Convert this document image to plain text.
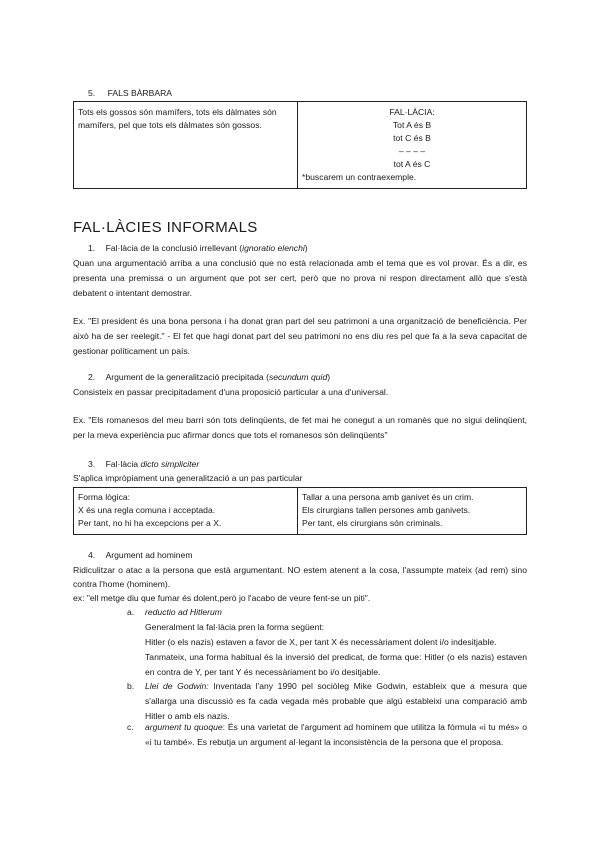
5. FALS BÀRBARA
Tots els gossos són mamífers, tots els dàlmates són mamífers, pel que tots els dàlmates són gossos.	
FAL·LÀCIA:
Tot A és B
tot C és B
– – – –
tot A és C
*buscarem un contraexemple.
FAL·LÀCIES INFORMALS
1. Fal·làcia de la conclusió irrellevant (ignoratio elenchi)
Quan una argumentació arriba a una conclusió que no està relacionada amb el tema que es vol provar. És a dir, es presenta una premissa o un argument que pot ser cert, però que no prova ni respon directament allò que s'està debatent o intentant demostrar.
Ex. "El president és una bona persona i ha donat gran part del seu patrimoni a una organització de beneficiència. Per això ha de ser reelegit." - El fet que hagi donat part del seu patrimoni no ens diu res pel que fa a la seva capacitat de gestionar políticament un país.
2. Argument de la generalització precipitada (secundum quid)
Consisteix en passar precipitadament d'una proposició particular a una d'universal.
Ex. "Els romanesos del meu barri són tots delinqüents, de fet mai he conegut a un romanès que no sigui delinqüent, per la meva experiència puc afirmar doncs que tots el romanesos són delinqüents"
3. Fal·làcia dicto simpliciter
S'aplica impròpiament una generalització a un pas particular
Forma lògica:
X és una regla comuna i acceptada.
Per tant, no hi ha excepcions per a X.

Tallar a una persona amb ganivet és un crim.
Els cirurgians tallen persones amb ganivets.
Per tant, els cirurgians són criminals.
4. Argument ad hominem
Ridiculitzar o atac a la persona que està argumentant. NO estem atenent a la cosa, l'assumpte mateix (ad rem) sino contra l'home (hominem).
ex: "ell metge diu que fumar és dolent,però jo l'acabo de veure fent-se un piti".
a. reductio ad Hitlerum
Generalment la fal·làcia pren la forma següent:
Hitler (o els nazis) estaven a favor de X, per tant X és necessàriament dolent i/o indesitjable.
Tanmateix, una forma habitual és la inversió del predicat, de forma que: Hitler (o els nazis) estaven en contra de Y, per tant Y és necessàriament bo i/o desitjable.
b. Llei de Godwin: Inventada l'any 1990 pel sociòleg Mike Godwin, estableix que a mesura que s'allarga una discussió es fa cada vegada més probable que algú estableixi una comparació amb Hitler o amb els nazis.
c. argument tu quoque: És una varietat de l'argument ad hominem que utilitza la fórmula «i tu més» o «i tu també». Es rebutja un argument al·legant la inconsistència de la persona que el proposa.
